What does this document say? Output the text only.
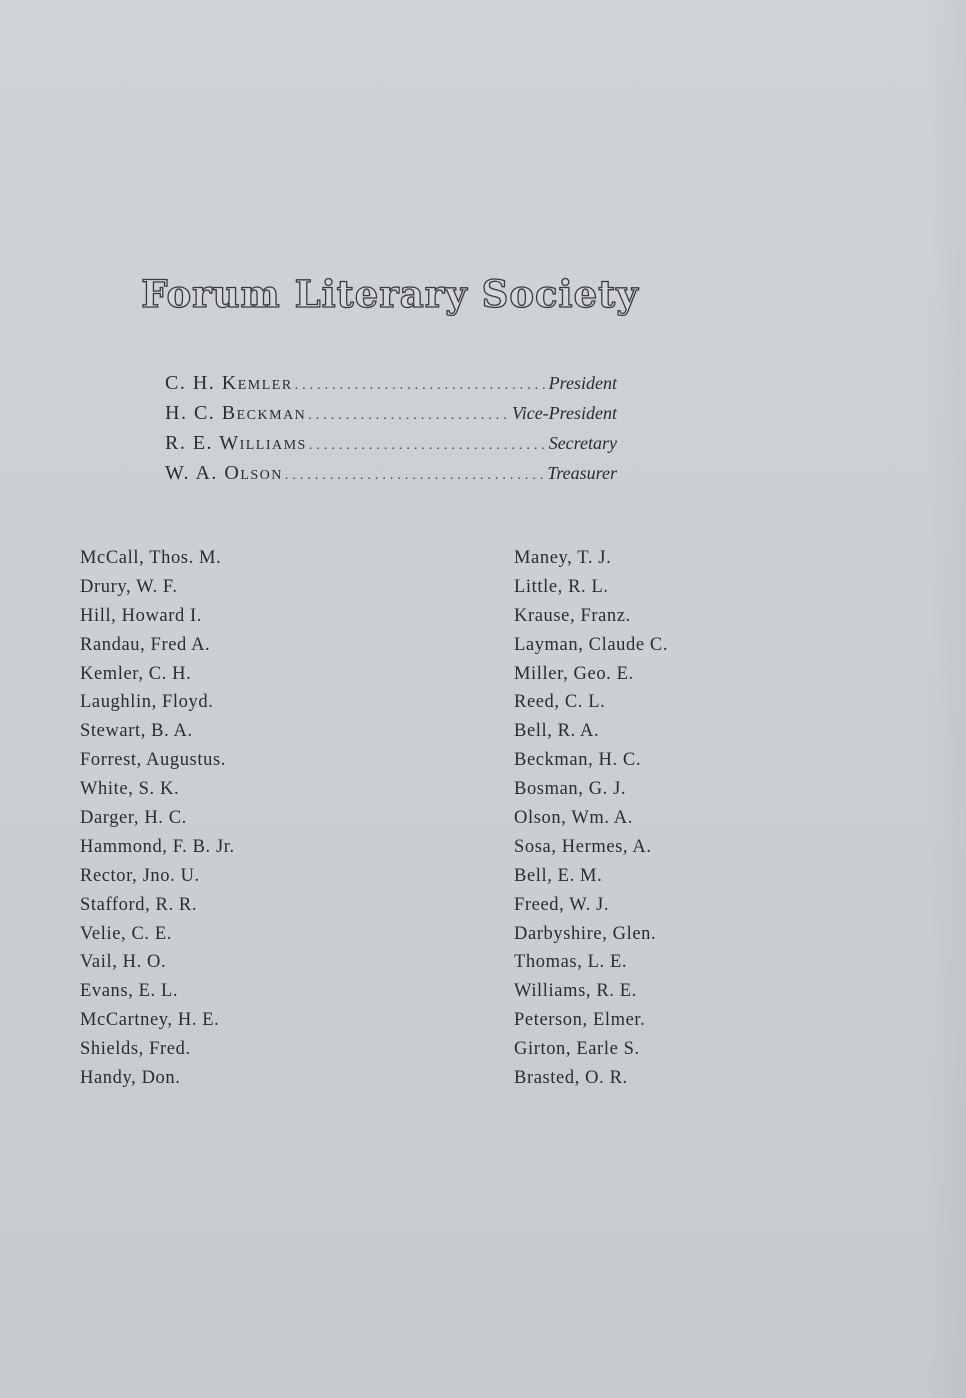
Forum Literary Society
C. H. Kemler .....	President
H. C. Beckman .....	Vice-President
R. E. Williams .....	Secretary
W. A. Olson .....	Treasurer
McCall, Thos. M.
Drury, W. F.
Hill, Howard I.
Randau, Fred A.
Kemler, C. H.
Laughlin, Floyd.
Stewart, B. A.
Forrest, Augustus.
White, S. K.
Darger, H. C.
Hammond, F. B. Jr.
Rector, Jno. U.
Stafford, R. R.
Velie, C. E.
Vail, H. O.
Evans, E. L.
McCartney, H. E.
Shields, Fred.
Handy, Don.
Maney, T. J.
Little, R. L.
Krause, Franz.
Layman, Claude C.
Miller, Geo. E.
Reed, C. L.
Bell, R. A.
Beckman, H. C.
Bosman, G. J.
Olson, Wm. A.
Sosa, Hermes, A.
Bell, E. M.
Freed, W. J.
Darbyshire, Glen.
Thomas, L. E.
Williams, R. E.
Peterson, Elmer.
Girton, Earle S.
Brasted, O. R.
